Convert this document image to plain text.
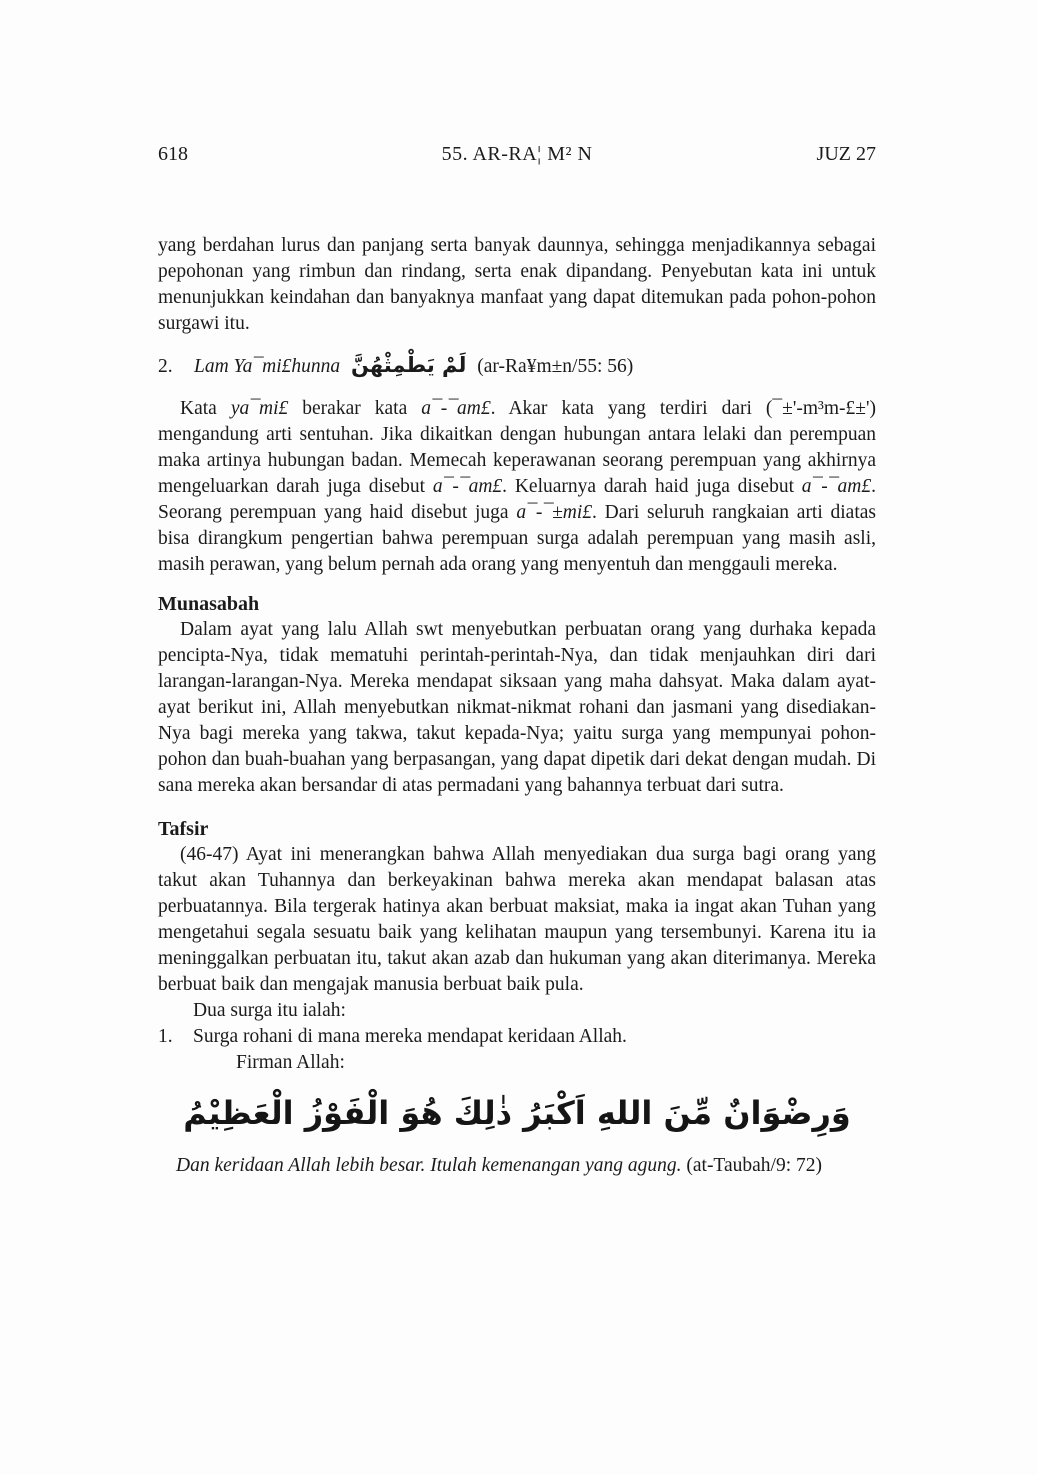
618	55. AR-RA¦ M² N	JUZ 27

yang berdahan lurus dan panjang serta banyak daunnya, sehingga menjadikannya sebagai pepohonan yang rimbun dan rindang, serta enak dipandang. Penyebutan kata ini untuk menunjukkan keindahan dan banyaknya manfaat yang dapat ditemukan pada pohon-pohon surgawi itu.

2. Lam Ya¯mi£hunna لَمْ يَطْمِثْهُنَّ (ar-Ra¥m±n/55: 56)

Kata ya¯mi£ berakar kata a¯-¯am£. Akar kata yang terdiri dari (¯±'-m³m-£±') mengandung arti sentuhan. Jika dikaitkan dengan hubungan antara lelaki dan perempuan maka artinya hubungan badan. Memecah keperawanan seorang perempuan yang akhirnya mengeluarkan darah juga disebut a¯-¯am£. Keluarnya darah haid juga disebut a¯-¯am£. Seorang perempuan yang haid disebut juga a¯-¯±mi£. Dari seluruh rangkaian arti diatas bisa dirangkum pengertian bahwa perempuan surga adalah perempuan yang masih asli, masih perawan, yang belum pernah ada orang yang menyentuh dan menggauli mereka.

Munasabah

Dalam ayat yang lalu Allah swt menyebutkan perbuatan orang yang durhaka kepada pencipta-Nya, tidak mematuhi perintah-perintah-Nya, dan tidak menjauhkan diri dari larangan-larangan-Nya. Mereka mendapat siksaan yang maha dahsyat. Maka dalam ayat-ayat berikut ini, Allah menyebutkan nikmat-nikmat rohani dan jasmani yang disediakan-Nya bagi mereka yang takwa, takut kepada-Nya; yaitu surga yang mempunyai pohon-pohon dan buah-buahan yang berpasangan, yang dapat dipetik dari dekat dengan mudah. Di sana mereka akan bersandar di atas permadani yang bahannya terbuat dari sutra.

Tafsir

(46-47) Ayat ini menerangkan bahwa Allah menyediakan dua surga bagi orang yang takut akan Tuhannya dan berkeyakinan bahwa mereka akan mendapat balasan atas perbuatannya. Bila tergerak hatinya akan berbuat maksiat, maka ia ingat akan Tuhan yang mengetahui segala sesuatu baik yang kelihatan maupun yang tersembunyi. Karena itu ia meninggalkan perbuatan itu, takut akan azab dan hukuman yang akan diterimanya. Mereka berbuat baik dan mengajak manusia berbuat baik pula.

Dua surga itu ialah:

1. Surga rohani di mana mereka mendapat keridaan Allah.

Firman Allah:

وَرِضْوَانٌ مِّنَ اللهِ اَكْبَرُ ذٰلِكَ هُوَ الْفَوْزُ الْعَظِيْمُ

Dan keridaan Allah lebih besar. Itulah kemenangan yang agung. (at-Taubah/9: 72)
